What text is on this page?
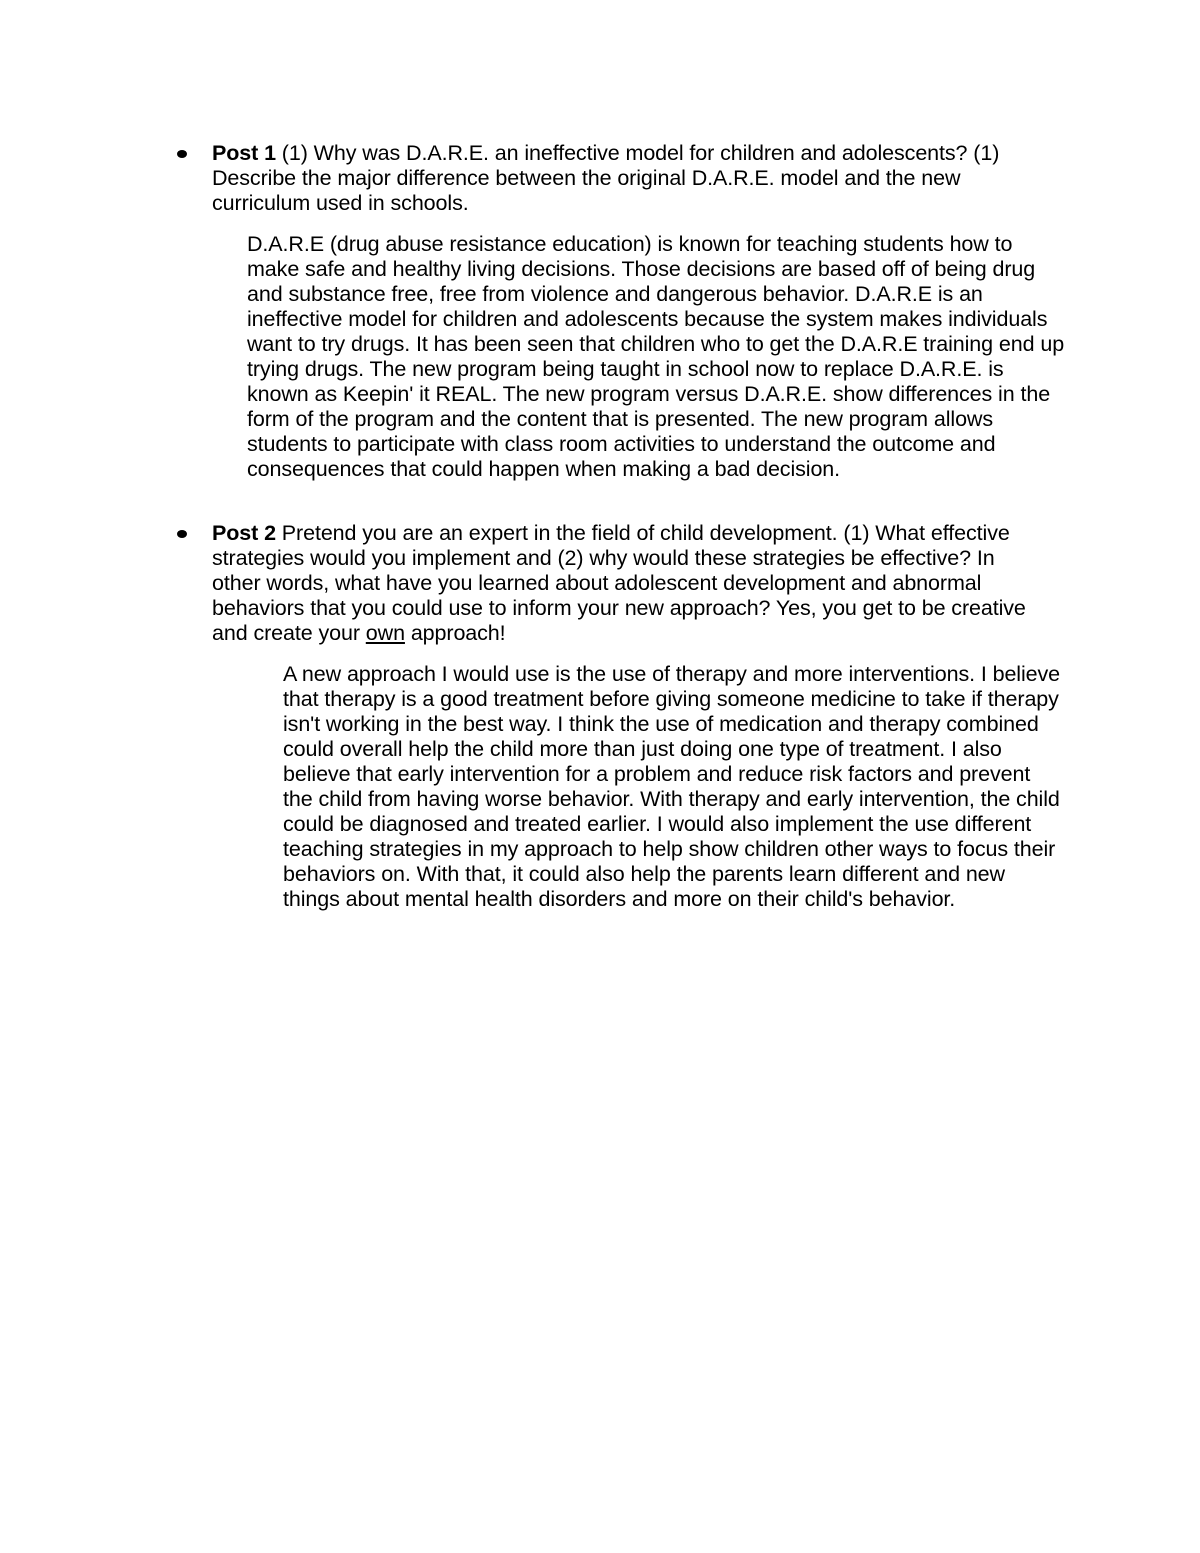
Post 1 (1) Why was D.A.R.E. an ineffective model for children and adolescents? (1) Describe the major difference between the original D.A.R.E. model and the new curriculum used in schools.
D.A.R.E (drug abuse resistance education) is known for teaching students how to make safe and healthy living decisions. Those decisions are based off of being drug and substance free, free from violence and dangerous behavior. D.A.R.E is an ineffective model for children and adolescents because the system makes individuals want to try drugs. It has been seen that children who to get the D.A.R.E training end up trying drugs. The new program being taught in school now to replace D.A.R.E. is known as Keepin' it REAL. The new program versus D.A.R.E. show differences in the form of the program and the content that is presented. The new program allows students to participate with class room activities to understand the outcome and consequences that could happen when making a bad decision.
Post 2 Pretend you are an expert in the field of child development. (1) What effective strategies would you implement and (2) why would these strategies be effective? In other words, what have you learned about adolescent development and abnormal behaviors that you could use to inform your new approach? Yes, you get to be creative and create your own approach!
A new approach I would use is the use of therapy and more interventions. I believe that therapy is a good treatment before giving someone medicine to take if therapy isn't working in the best way. I think the use of medication and therapy combined could overall help the child more than just doing one type of treatment. I also believe that early intervention for a problem and reduce risk factors and prevent the child from having worse behavior. With therapy and early intervention, the child could be diagnosed and treated earlier. I would also implement the use different teaching strategies in my approach to help show children other ways to focus their behaviors on. With that, it could also help the parents learn different and new things about mental health disorders and more on their child's behavior.
